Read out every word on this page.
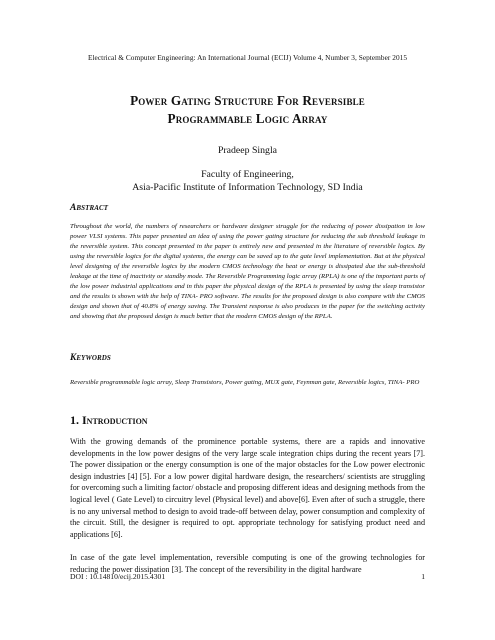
Electrical & Computer Engineering: An International Journal (ECIJ) Volume 4, Number 3, September 2015
Power Gating Structure For Reversible
Programmable Logic Array
Pradeep Singla
Faculty of Engineering,
Asia-Pacific Institute of Information Technology, SD India
Abstract
Throughout the world, the numbers of researchers or hardware designer struggle for the reducing of power dissipation in low power VLSI systems. This paper presented an idea of using the power gating structure for reducing the sub threshold leakage in the reversible system. This concept presented in the paper is entirely new and presented in the literature of reversible logics. By using the reversible logics for the digital systems, the energy can be saved up to the gate level implementation. But at the physical level designing of the reversible logics by the modern CMOS technology the heat or energy is dissipated due the sub-threshold leakage at the time of inactivity or standby mode. The Reversible Programming logic array (RPLA) is one of the important parts of the low power industrial applications and in this paper the physical design of the RPLA is presented by using the sleep transistor and the results is shown with the help of TINA- PRO software. The results for the proposed design is also compare with the CMOS design and shown that of 40.8% of energy saving. The Transient response is also produces in the paper for the switching activity and showing that the proposed design is much better that the modern CMOS design of the RPLA.
Keywords
Reversible programmable logic array, Sleep Transistors, Power gating, MUX gate, Feynman gate, Reversible logics, TINA- PRO
1. Introduction
With the growing demands of the prominence portable systems, there are a rapids and innovative developments in the low power designs of the very large scale integration chips during the recent years [7]. The power dissipation or the energy consumption is one of the major obstacles for the Low power electronic design industries [4] [5]. For a low power digital hardware design, the researchers/ scientists are struggling for overcoming such a limiting factor/ obstacle and proposing different ideas and designing methods from the logical level ( Gate Level) to circuitry level (Physical level) and above[6]. Even after of such a struggle, there is no any universal method to design to avoid trade-off between delay, power consumption and complexity of the circuit. Still, the designer is required to opt. appropriate technology for satisfying product need and applications [6].
In case of the gate level implementation, reversible computing is one of the growing technologies for reducing the power dissipation [3]. The concept of the reversibility in the digital hardware
DOI : 10.14810/ecij.2015.4301	1
